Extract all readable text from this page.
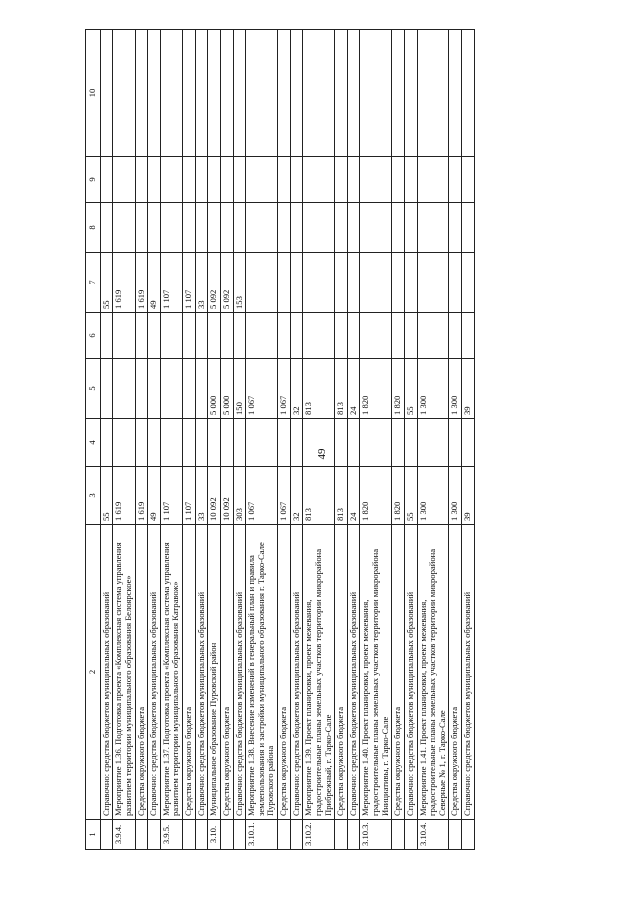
49
1	2	3	4	5	6	7	8	9	10
	Справочно: средства бюджетов муниципальных образований	55				55			
3.9.4.	Мероприятие 1.36. Подготовка проекта «Комплексная система управления развитием территории муниципального образования Белоярское»	1 619				1 619			
	Средства окружного бюджета	1 619				1 619			
	Справочно: средства бюджетов муниципальных образований	49				49			
3.9.5.	Мероприятие 1.37. Подготовка проекта «Комплексная система управления развитием территории муниципального образования Катравож»	1 107				1 107			
	Средства окружного бюджета	1 107				1 107			
	Справочно: средства бюджетов муниципальных образований	33				33			
3.10.	Муниципальное образование Пуровский район	10 092		5 000		5 092			
	Средства окружного бюджета	10 092		5 000		5 092			
	Справочно: средства бюджетов муниципальных образований	303		150		153			
3.10.1.	Мероприятие 1.38. Внесение изменений в генеральный план и правила землепользования и застройки муниципального образования г. Тарко-Сале Пуровского района	1 067		1 067					
	Средства окружного бюджета	1 067		1 067					
	Справочно: средства бюджетов муниципальных образований	32		32					
3.10.2.	Мероприятие 1.39. Проект планировки, проект межевания, градостроительные планы земельных участков территории микрорайона Прибрежный, г. Тарко-Сале	813		813					
	Средства окружного бюджета	813		813					
	Справочно: средства бюджетов муниципальных образований	24		24					
3.10.3.	Мероприятие 1.40. Проект планировки, проект межевания, градостроительные планы земельных участков территории микрорайона Инициативы, г. Тарко-Сале	1 820		1 820					
	Средства окружного бюджета	1 820		1 820					
	Справочно: средства бюджетов муниципальных образований	55		55					
3.10.4.	Мероприятие 1.41. Проект планировки, проект межевания, градостроительные планы земельных участков территории микрорайона Северные № 1, г. Тарко-Сале	1 300		1 300					
	Средства окружного бюджета	1 300		1 300					
	Справочно: средства бюджетов муниципальных образований	39		39					
